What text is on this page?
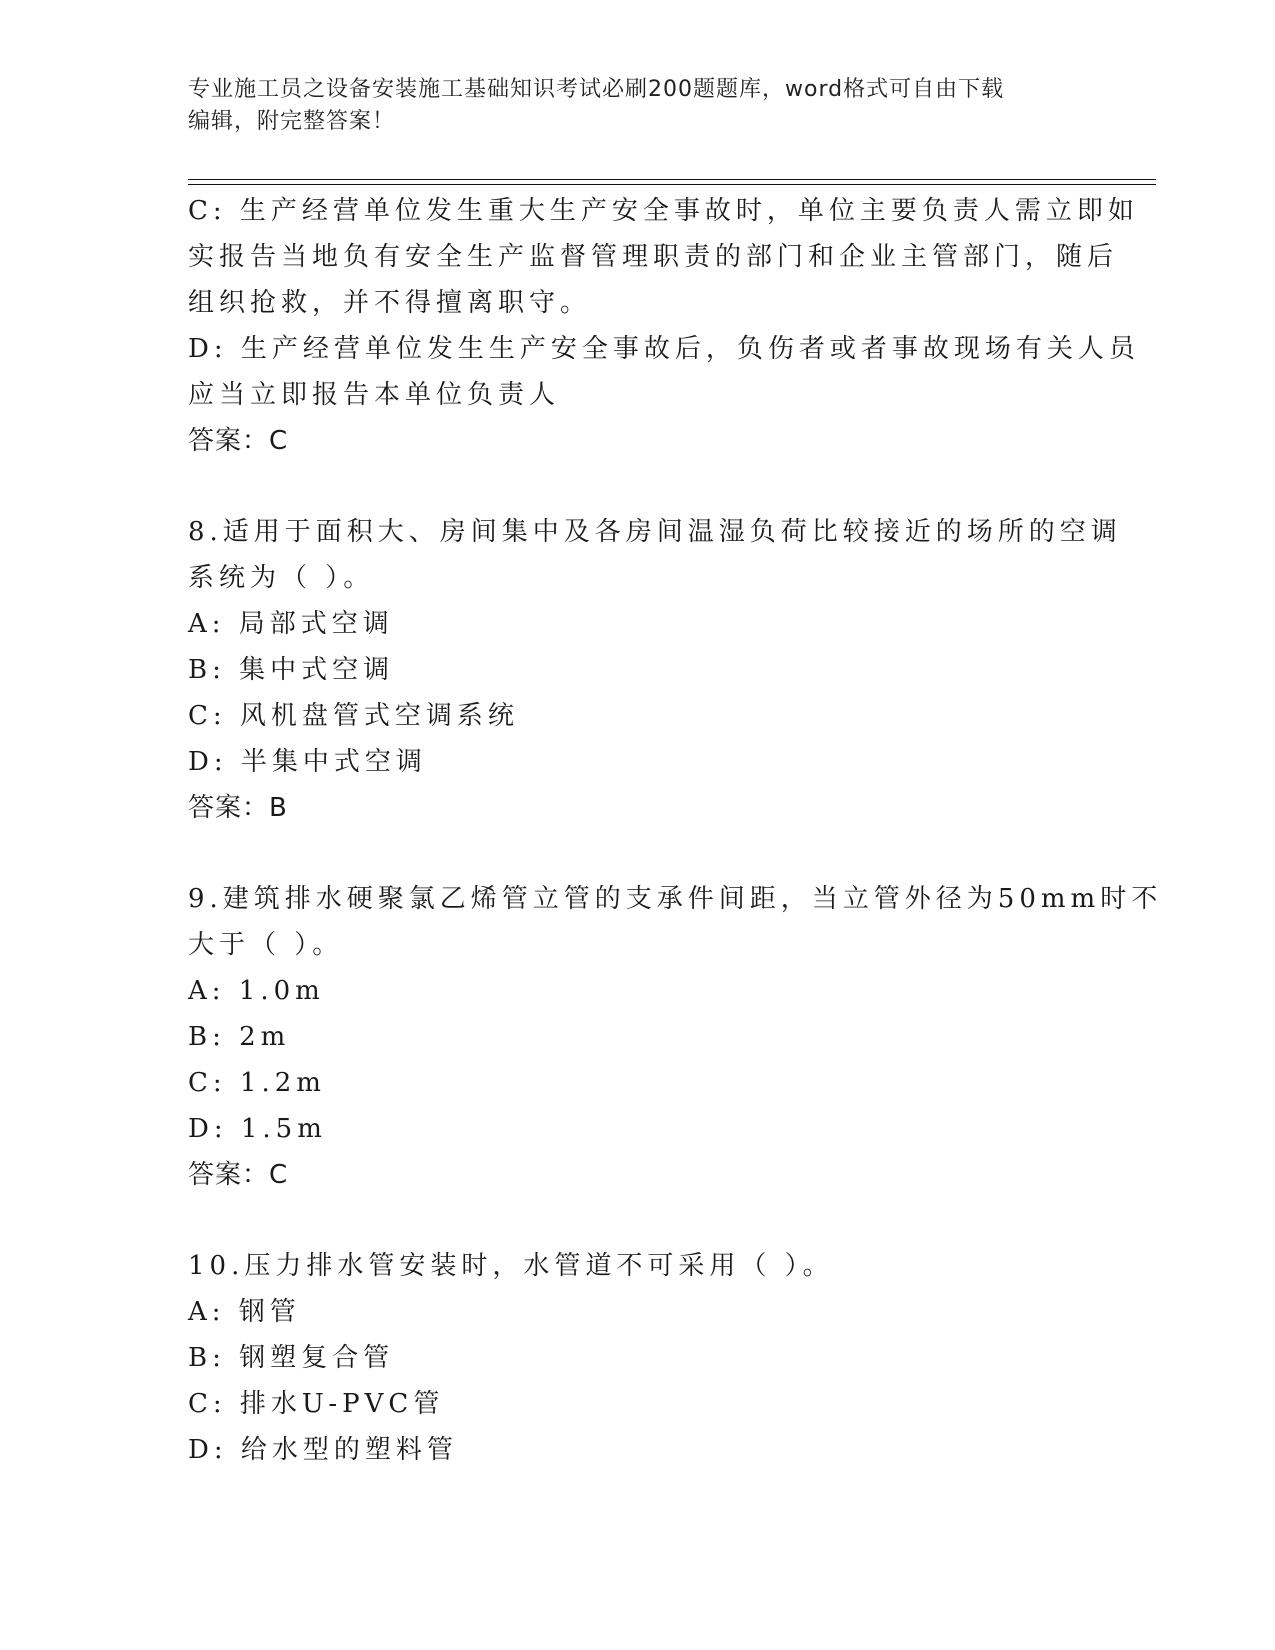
专业施工员之设备安装施工基础知识考试必刷200题题库，word格式可自由下载
编辑，附完整答案！
C: 生产经营单位发生重大生产安全事故时，单位主要负责人需立即如
实报告当地负有安全生产监督管理职责的部门和企业主管部门，随后
组织抢救，并不得擅离职守。
D: 生产经营单位发生生产安全事故后，负伤者或者事故现场有关人员
应当立即报告本单位负责人
答案：C
8.适用于面积大、房间集中及各房间温湿负荷比较接近的场所的空调
系统为（ ）。
A: 局部式空调
B: 集中式空调
C: 风机盘管式空调系统
D: 半集中式空调
答案：B
9.建筑排水硬聚氯乙烯管立管的支承件间距，当立管外径为50mm时不
大于（ ）。
A: 1.0m
B: 2m
C: 1.2m
D: 1.5m
答案：C
10.压力排水管安装时，水管道不可采用（ ）。
A: 钢管
B: 钢塑复合管
C: 排水U-PVC管
D: 给水型的塑料管
